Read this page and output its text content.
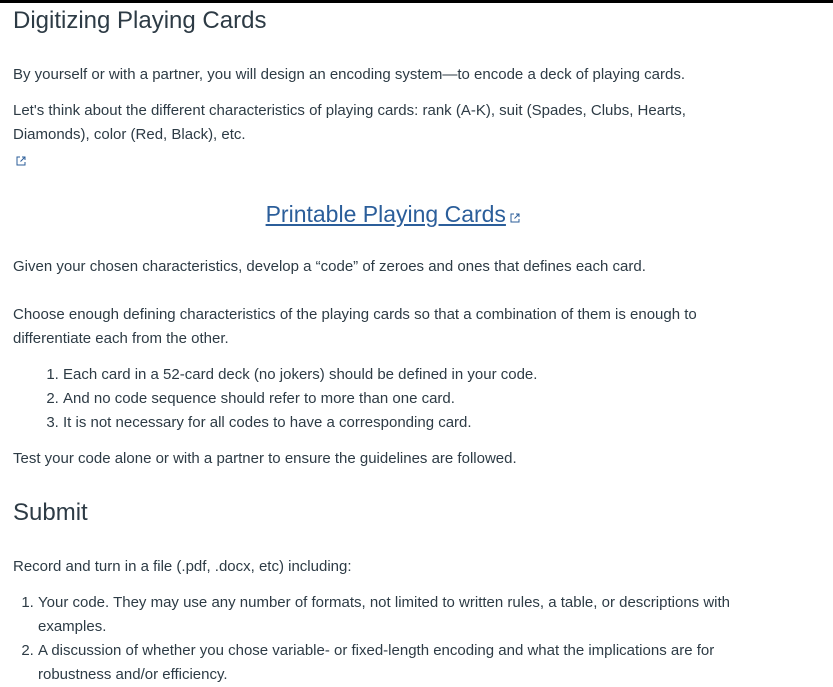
Digitizing Playing Cards

By yourself or with a partner, you will design an encoding system—to encode a deck of playing cards.

Let's think about the different characteristics of playing cards: rank (A-K), suit (Spades, Clubs, Hearts, Diamonds), color (Red, Black), etc.

Printable Playing Cards

Given your chosen characteristics, develop a “code” of zeroes and ones that defines each card.

Choose enough defining characteristics of the playing cards so that a combination of them is enough to differentiate each from the other.

1. Each card in a 52-card deck (no jokers) should be defined in your code.
2. And no code sequence should refer to more than one card.
3. It is not necessary for all codes to have a corresponding card.

Test your code alone or with a partner to ensure the guidelines are followed.

Submit

Record and turn in a file (.pdf, .docx, etc) including:

1. Your code. They may use any number of formats, not limited to written rules, a table, or descriptions with examples.
2. A discussion of whether you chose variable- or fixed-length encoding and what the implications are for robustness and/or efficiency.
